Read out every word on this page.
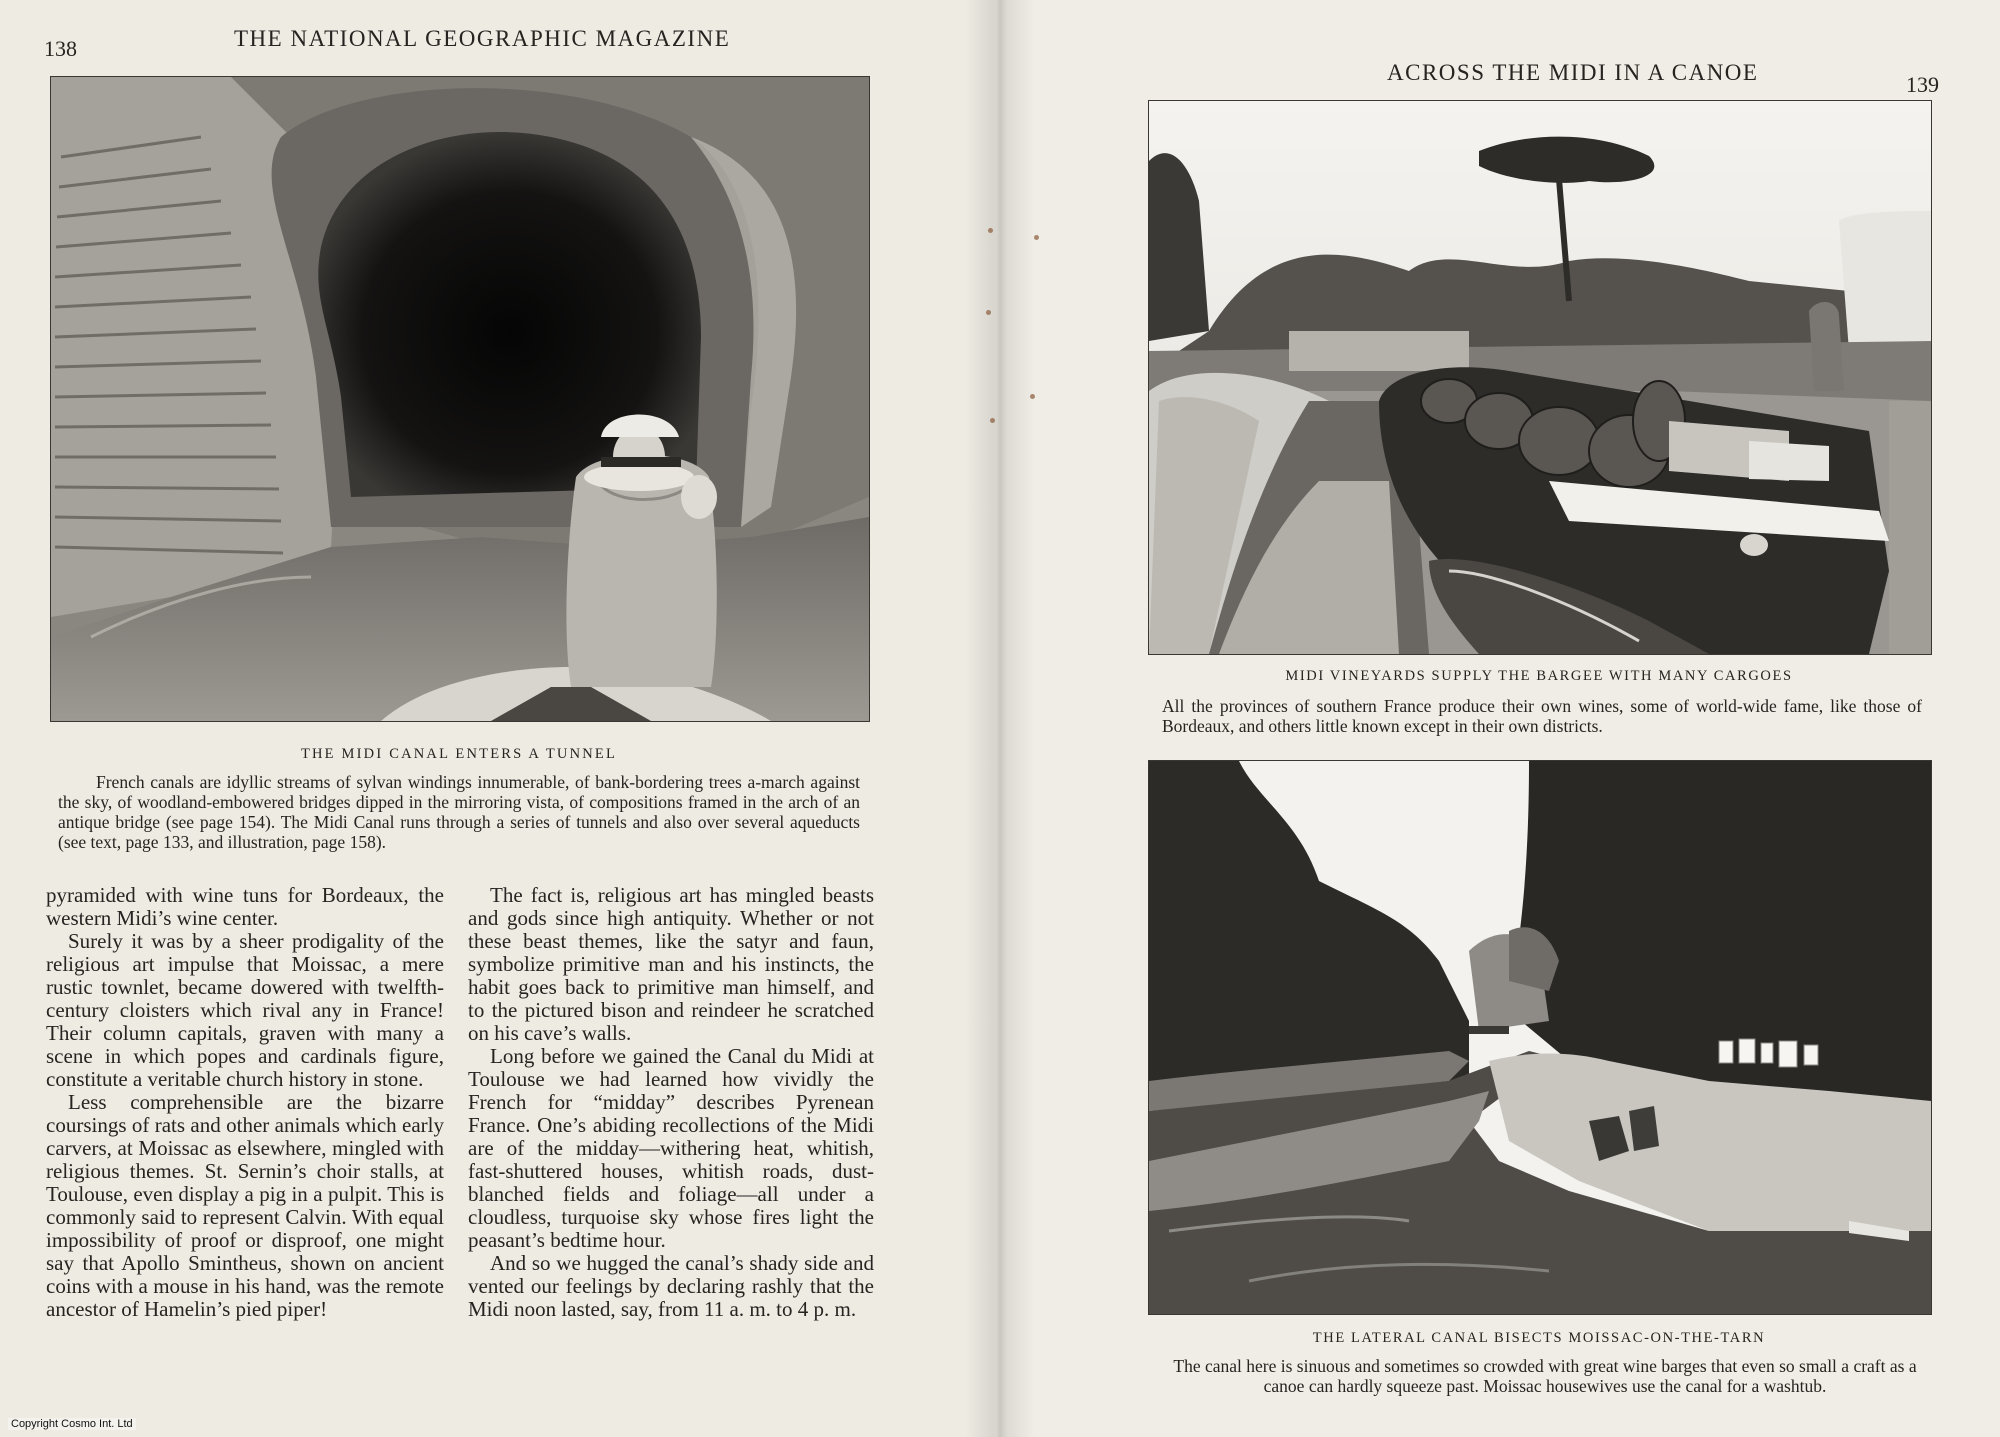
138	THE NATIONAL GEOGRAPHIC MAGAZINE
THE MIDI CANAL ENTERS A TUNNEL
French canals are idyllic streams of sylvan windings innumerable, of bank-bordering trees a-march against the sky, of woodland-embowered bridges dipped in the mirroring vista, of compositions framed in the arch of an antique bridge (see page 154). The Midi Canal runs through a series of tunnels and also over several aqueducts (see text, page 133, and illustration, page 158).

pyramided with wine tuns for Bordeaux, the western Midi’s wine center.

Surely it was by a sheer prodigality of the religious art impulse that Moissac, a mere rustic townlet, became dowered with twelfth-century cloisters which rival any in France! Their column capitals, graven with many a scene in which popes and cardinals figure, constitute a veritable church history in stone.

Less comprehensible are the bizarre coursings of rats and other animals which early carvers, at Moissac as elsewhere, mingled with religious themes. St. Sernin’s choir stalls, at Toulouse, even display a pig in a pulpit. This is commonly said to represent Calvin. With equal impossibility of proof or disproof, one might say that Apollo Smintheus, shown on ancient coins with a mouse in his hand, was the remote ancestor of Hamelin’s pied piper!

The fact is, religious art has mingled beasts and gods since high antiquity. Whether or not these beast themes, like the satyr and faun, symbolize primitive man and his instincts, the habit goes back to primitive man himself, and to the pictured bison and reindeer he scratched on his cave’s walls.

Long before we gained the Canal du Midi at Toulouse we had learned how vividly the French for “midday” describes Pyrenean France. One’s abiding recollections of the Midi are of the midday—withering heat, whitish, fast-shuttered houses, whitish roads, dust-blanched fields and foliage—all under a cloudless, turquoise sky whose fires light the peasant’s bedtime hour.

And so we hugged the canal’s shady side and vented our feelings by declaring rashly that the Midi noon lasted, say, from 11 a. m. to 4 p. m.

Copyright Cosmo Int. Ltd
ACROSS THE MIDI IN A CANOE	139
MIDI VINEYARDS SUPPLY THE BARGEE WITH MANY CARGOES
All the provinces of southern France produce their own wines, some of world-wide fame, like those of Bordeaux, and others little known except in their own districts.
THE LATERAL CANAL BISECTS MOISSAC-ON-THE-TARN
The canal here is sinuous and sometimes so crowded with great wine barges that even so small a craft as a canoe can hardly squeeze past. Moissac housewives use the canal for a washtub.
